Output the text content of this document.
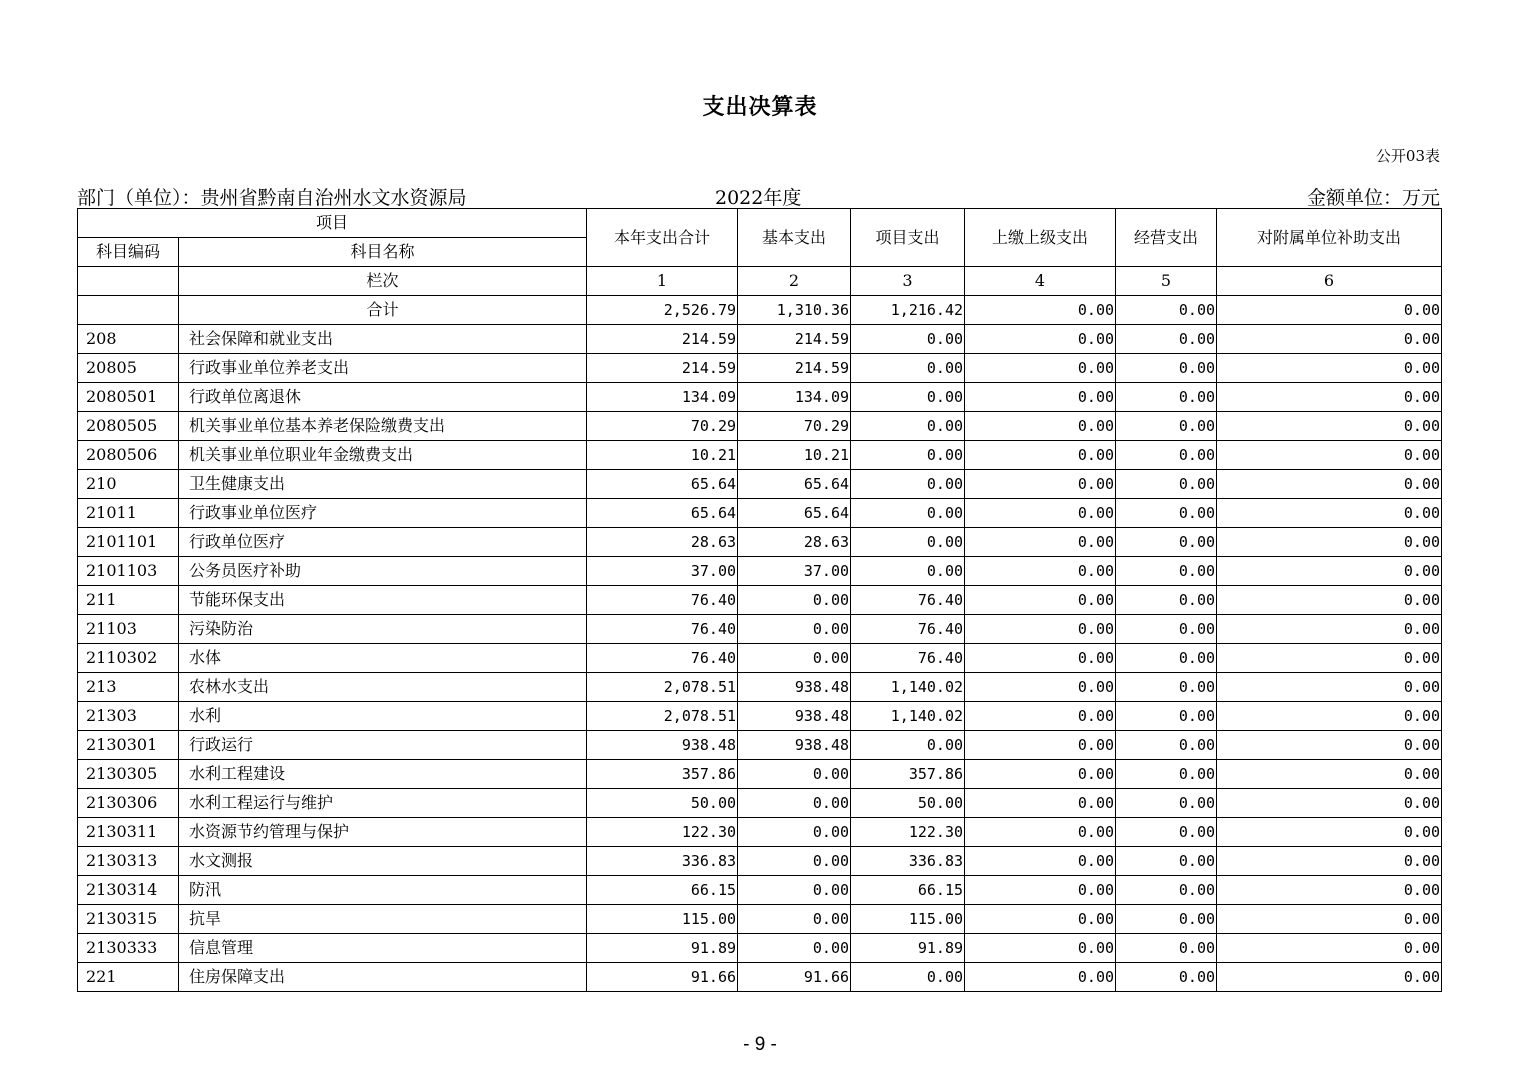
支出决算表
公开03表
部门（单位）：贵州省黔南自治州水文水资源局	2022年度	金额单位：万元
项目		本年支出合计	基本支出	项目支出	上缴上级支出	经营支出	对附属单位补助支出
科目编码	科目名称						
	栏次	1	2	3	4	5	6
	合计	2,526.79	1,310.36	1,216.42	0.00	0.00	0.00
208	社会保障和就业支出	214.59	214.59	0.00	0.00	0.00	0.00
20805	行政事业单位养老支出	214.59	214.59	0.00	0.00	0.00	0.00
2080501	行政单位离退休	134.09	134.09	0.00	0.00	0.00	0.00
2080505	机关事业单位基本养老保险缴费支出	70.29	70.29	0.00	0.00	0.00	0.00
2080506	机关事业单位职业年金缴费支出	10.21	10.21	0.00	0.00	0.00	0.00
210	卫生健康支出	65.64	65.64	0.00	0.00	0.00	0.00
21011	行政事业单位医疗	65.64	65.64	0.00	0.00	0.00	0.00
2101101	行政单位医疗	28.63	28.63	0.00	0.00	0.00	0.00
2101103	公务员医疗补助	37.00	37.00	0.00	0.00	0.00	0.00
211	节能环保支出	76.40	0.00	76.40	0.00	0.00	0.00
21103	污染防治	76.40	0.00	76.40	0.00	0.00	0.00
2110302	水体	76.40	0.00	76.40	0.00	0.00	0.00
213	农林水支出	2,078.51	938.48	1,140.02	0.00	0.00	0.00
21303	水利	2,078.51	938.48	1,140.02	0.00	0.00	0.00
2130301	行政运行	938.48	938.48	0.00	0.00	0.00	0.00
2130305	水利工程建设	357.86	0.00	357.86	0.00	0.00	0.00
2130306	水利工程运行与维护	50.00	0.00	50.00	0.00	0.00	0.00
2130311	水资源节约管理与保护	122.30	0.00	122.30	0.00	0.00	0.00
2130313	水文测报	336.83	0.00	336.83	0.00	0.00	0.00
2130314	防汛	66.15	0.00	66.15	0.00	0.00	0.00
2130315	抗旱	115.00	0.00	115.00	0.00	0.00	0.00
2130333	信息管理	91.89	0.00	91.89	0.00	0.00	0.00
221	住房保障支出	91.66	91.66	0.00	0.00	0.00	0.00
- 9 -
